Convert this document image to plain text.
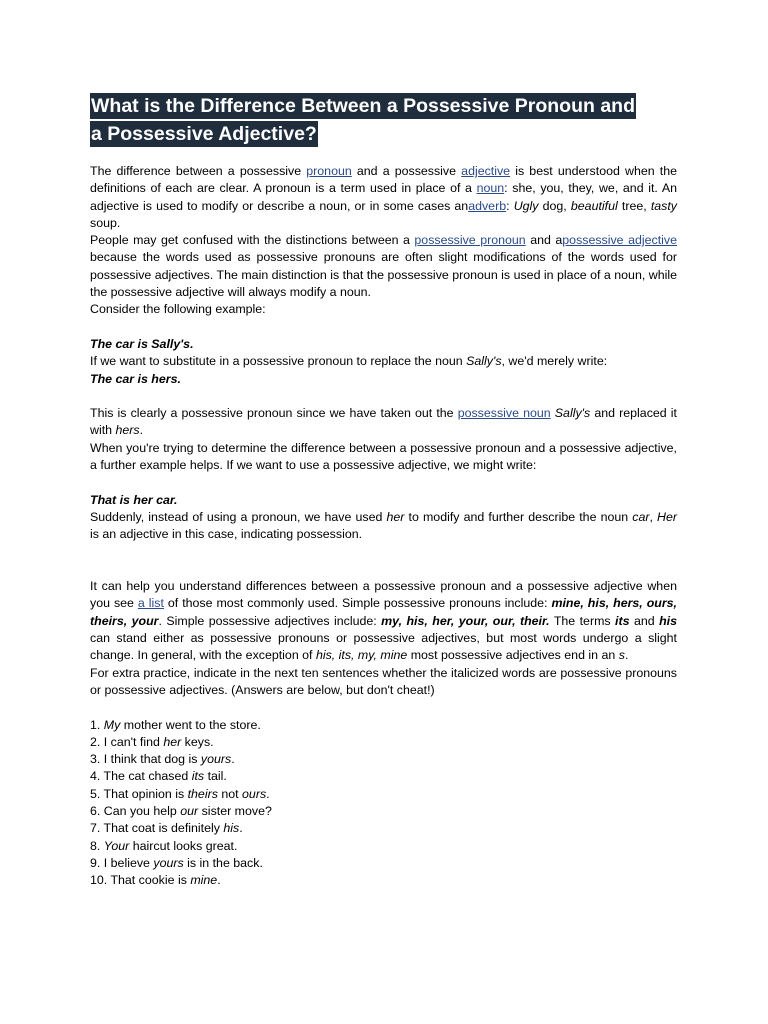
What is the Difference Between a Possessive Pronoun and
a Possessive Adjective?

The difference between a possessive pronoun and a possessive adjective is best understood when the definitions of each are clear. A pronoun is a term used in place of a noun: she, you, they, we, and it. An adjective is used to modify or describe a noun, or in some cases anadverb: Ugly dog, beautiful tree, tasty soup.

People may get confused with the distinctions between a possessive pronoun and apossessive adjective because the words used as possessive pronouns are often slight modifications of the words used for possessive adjectives. The main distinction is that the possessive pronoun is used in place of a noun, while the possessive adjective will always modify a noun.

Consider the following example:

The car is Sally's.

If we want to substitute in a possessive pronoun to replace the noun Sally's, we'd merely write:

The car is hers.

This is clearly a possessive pronoun since we have taken out the possessive noun Sally's and replaced it with hers.

When you're trying to determine the difference between a possessive pronoun and a possessive adjective, a further example helps. If we want to use a possessive adjective, we might write:

That is her car.

Suddenly, instead of using a pronoun, we have used her to modify and further describe the noun car, Her is an adjective in this case, indicating possession.

It can help you understand differences between a possessive pronoun and a possessive adjective when you see a list of those most commonly used. Simple possessive pronouns include: mine, his, hers, ours, theirs, your. Simple possessive adjectives include: my, his, her, your, our, their. The terms its and his can stand either as possessive pronouns or possessive adjectives, but most words undergo a slight change. In general, with the exception of his, its, my, mine most possessive adjectives end in an s.

For extra practice, indicate in the next ten sentences whether the italicized words are possessive pronouns or possessive adjectives. (Answers are below, but don't cheat!)

1. My mother went to the store.

2. I can't find her keys.

3. I think that dog is yours.

4. The cat chased its tail.

5. That opinion is theirs not ours.

6. Can you help our sister move?

7. That coat is definitely his.

8. Your haircut looks great.

9. I believe yours is in the back.

10. That cookie is mine.
